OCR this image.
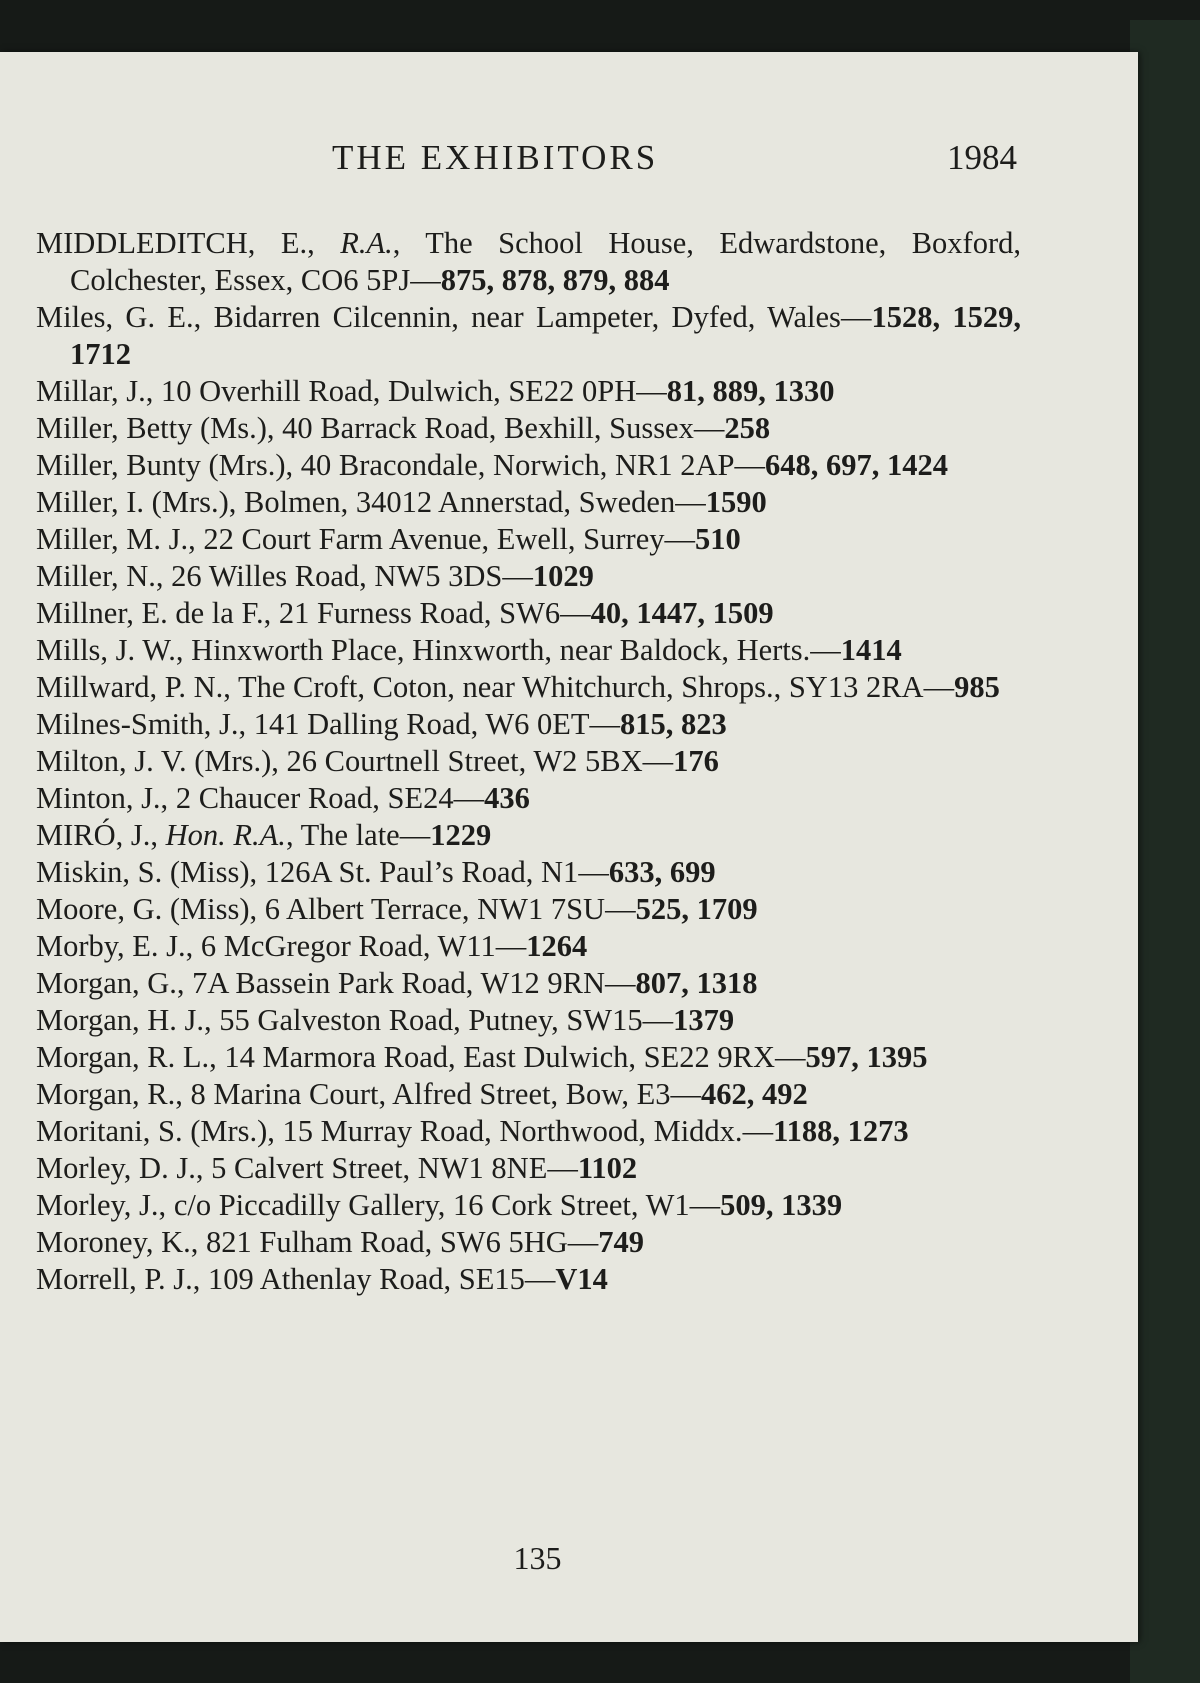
THE EXHIBITORS	1984
MIDDLEDITCH, E., R.A., The School House, Edwardstone, Boxford, Colchester, Essex, CO6 5PJ—875, 878, 879, 884
Miles, G. E., Bidarren Cilcennin, near Lampeter, Dyfed, Wales—1528, 1529, 1712
Millar, J., 10 Overhill Road, Dulwich, SE22 0PH—81, 889, 1330
Miller, Betty (Ms.), 40 Barrack Road, Bexhill, Sussex—258
Miller, Bunty (Mrs.), 40 Bracondale, Norwich, NR1 2AP—648, 697, 1424
Miller, I. (Mrs.), Bolmen, 34012 Annerstad, Sweden—1590
Miller, M. J., 22 Court Farm Avenue, Ewell, Surrey—510
Miller, N., 26 Willes Road, NW5 3DS—1029
Millner, E. de la F., 21 Furness Road, SW6—40, 1447, 1509
Mills, J. W., Hinxworth Place, Hinxworth, near Baldock, Herts.—1414
Millward, P. N., The Croft, Coton, near Whitchurch, Shrops., SY13 2RA—985
Milnes-Smith, J., 141 Dalling Road, W6 0ET—815, 823
Milton, J. V. (Mrs.), 26 Courtnell Street, W2 5BX—176
Minton, J., 2 Chaucer Road, SE24—436
MIRÓ, J., Hon. R.A., The late—1229
Miskin, S. (Miss), 126A St. Paul’s Road, N1—633, 699
Moore, G. (Miss), 6 Albert Terrace, NW1 7SU—525, 1709
Morby, E. J., 6 McGregor Road, W11—1264
Morgan, G., 7A Bassein Park Road, W12 9RN—807, 1318
Morgan, H. J., 55 Galveston Road, Putney, SW15—1379
Morgan, R. L., 14 Marmora Road, East Dulwich, SE22 9RX—597, 1395
Morgan, R., 8 Marina Court, Alfred Street, Bow, E3—462, 492
Moritani, S. (Mrs.), 15 Murray Road, Northwood, Middx.—1188, 1273
Morley, D. J., 5 Calvert Street, NW1 8NE—1102
Morley, J., c/o Piccadilly Gallery, 16 Cork Street, W1—509, 1339
Moroney, K., 821 Fulham Road, SW6 5HG—749
Morrell, P. J., 109 Athenlay Road, SE15—V14
135
